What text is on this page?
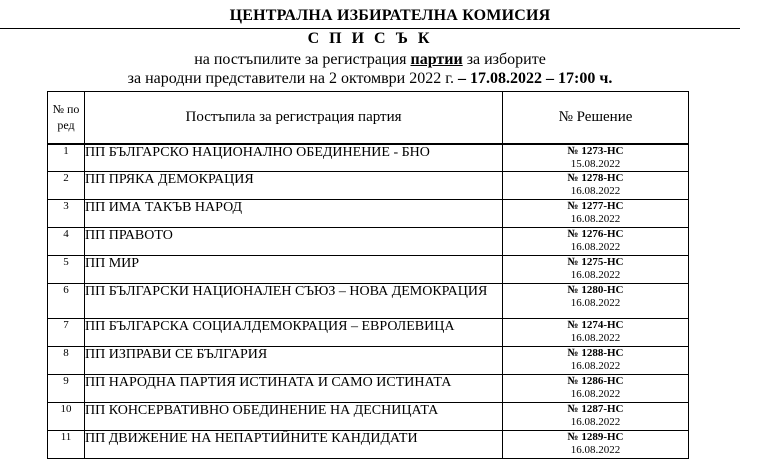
ЦЕНТРАЛНА ИЗБИРАТЕЛНА КОМИСИЯ
С П И С Ъ К
на постъпилите за регистрация партии за изборите
за народни представители на 2 октомври 2022 г. – 17.08.2022 – 17:00 ч.
№ по ред	Постъпила за регистрация партия	№ Решение
1	ПП БЪЛГАРСКО НАЦИОНАЛНО ОБЕДИНЕНИЕ - БНО	№ 1273-НС
15.08.2022

2	ПП ПРЯКА ДЕМОКРАЦИЯ	№ 1278-НС
16.08.2022

3	ПП ИМА ТАКЪВ НАРОД	№ 1277-НС
16.08.2022

4	ПП ПРАВОТО	№ 1276-НС
16.08.2022

5	ПП МИР	№ 1275-НС
16.08.2022

6	ПП БЪЛГАРСКИ НАЦИОНАЛЕН СЪЮЗ – НОВА ДЕМОКРАЦИЯ	№ 1280-НС
16.08.2022

7	ПП БЪЛГАРСКА СОЦИАЛДЕМОКРАЦИЯ – ЕВРОЛЕВИЦА	№ 1274-НС
16.08.2022

8	ПП ИЗПРАВИ СЕ БЪЛГАРИЯ	№ 1288-НС
16.08.2022

9	ПП НАРОДНА ПАРТИЯ ИСТИНАТА И САМО ИСТИНАТА	№ 1286-НС
16.08.2022

10	ПП КОНСЕРВАТИВНО ОБЕДИНЕНИЕ НА ДЕСНИЦАТА	№ 1287-НС
16.08.2022

11	ПП ДВИЖЕНИЕ НА НЕПАРТИЙНИТЕ КАНДИДАТИ	№ 1289-НС
16.08.2022
